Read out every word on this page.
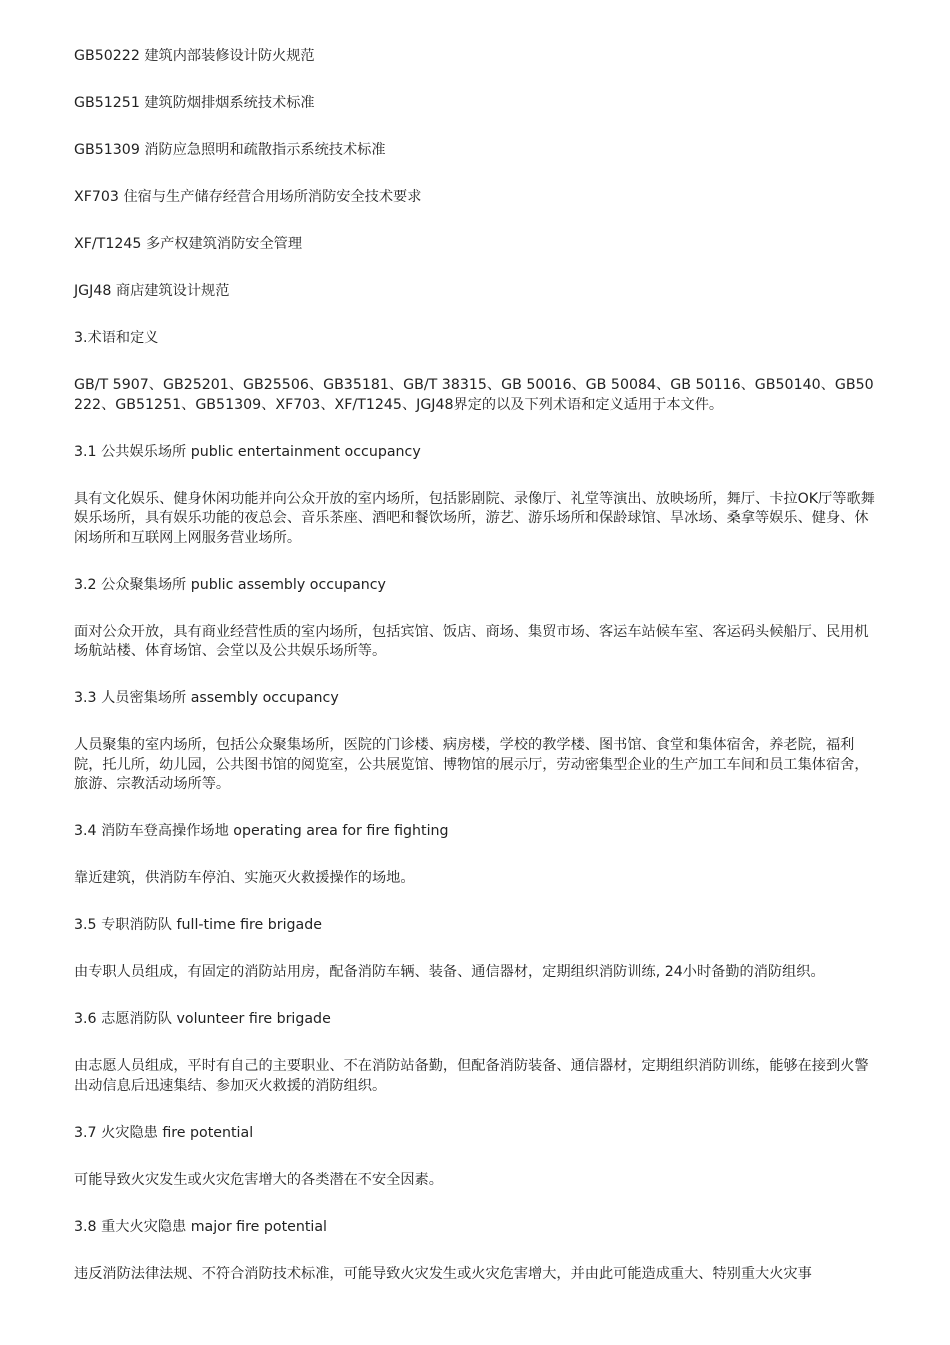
GB50222 建筑内部装修设计防火规范

GB51251 建筑防烟排烟系统技术标准

GB51309 消防应急照明和疏散指示系统技术标准

XF703 住宿与生产储存经营合用场所消防安全技术要求

XF/T1245 多产权建筑消防安全管理

JGJ48 商店建筑设计规范

3.术语和定义

GB/T 5907、GB25201、GB25506、GB35181、GB/T 38315、GB 50016、GB 50084、GB 50116、GB50140、GB50222、GB51251、GB51309、XF703、XF/T1245、JGJ48界定的以及下列术语和定义适用于本文件。

3.1 公共娱乐场所 public entertainment occupancy

具有文化娱乐、健身休闲功能并向公众开放的室内场所，包括影剧院、录像厅、礼堂等演出、放映场所，舞厅、卡拉OK厅等歌舞娱乐场所，具有娱乐功能的夜总会、音乐茶座、酒吧和餐饮场所，游艺、游乐场所和保龄球馆、旱冰场、桑拿等娱乐、健身、休闲场所和互联网上网服务营业场所。

3.2 公众聚集场所 public assembly occupancy

面对公众开放，具有商业经营性质的室内场所，包括宾馆、饭店、商场、集贸市场、客运车站候车室、客运码头候船厅、民用机场航站楼、体育场馆、会堂以及公共娱乐场所等。

3.3 人员密集场所 assembly occupancy

人员聚集的室内场所，包括公众聚集场所，医院的门诊楼、病房楼，学校的教学楼、图书馆、食堂和集体宿舍，养老院，福利院，托儿所，幼儿园，公共图书馆的阅览室，公共展览馆、博物馆的展示厅，劳动密集型企业的生产加工车间和员工集体宿舍，旅游、宗教活动场所等。

3.4 消防车登高操作场地 operating area for fire fighting

靠近建筑，供消防车停泊、实施灭火救援操作的场地。

3.5 专职消防队 full-time fire brigade

由专职人员组成，有固定的消防站用房，配备消防车辆、装备、通信器材，定期组织消防训练, 24小时备勤的消防组织。

3.6 志愿消防队 volunteer fire brigade

由志愿人员组成，平时有自己的主要职业、不在消防站备勤，但配备消防装备、通信器材，定期组织消防训练，能够在接到火警出动信息后迅速集结、参加灭火救援的消防组织。

3.7 火灾隐患 fire potential

可能导致火灾发生或火灾危害增大的各类潜在不安全因素。

3.8 重大火灾隐患 major fire potential

违反消防法律法规、不符合消防技术标准，可能导致火灾发生或火灾危害增大，并由此可能造成重大、特别重大火灾事
